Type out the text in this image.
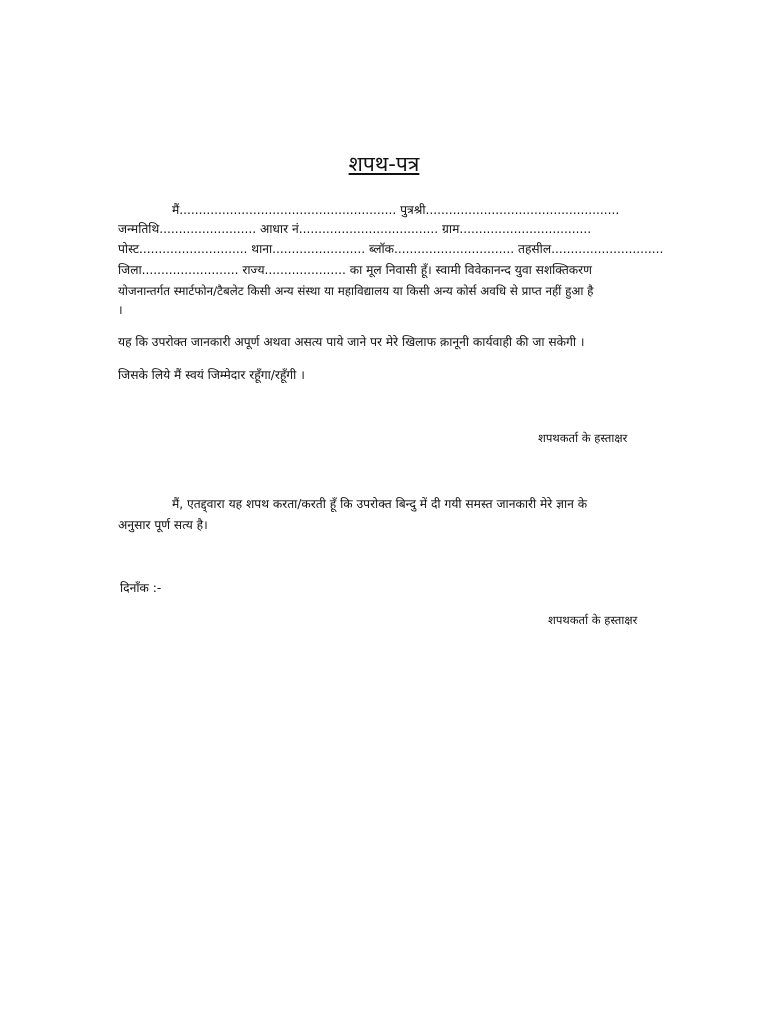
शपथ-पत्र
मैं........................................................ पुत्रश्री..................................................
जन्मतिथि......................... आधार नं.................................... ग्राम..................................
पोस्ट............................ थाना........................ ब्लॉक............................... तहसील.............................
जिला......................... राज्य..................... का मूल निवासी हूँ। स्वामी विवेकानन्द युवा सशक्तिकरण
योजनान्तर्गत स्मार्टफोन/टैबलेट किसी अन्य संस्था या महाविद्यालय या किसी अन्य कोर्स अवधि से प्राप्त नहीं हुआ है
।
यह कि उपरोक्त जानकारी अपूर्ण अथवा असत्य पाये जाने पर मेरे खिलाफ क़ानूनी कार्यवाही की जा सकेगी ।
जिसके लिये मैं स्वयं जिम्मेदार रहूँगा/रहूँगी ।
शपथकर्ता के हस्ताक्षर
मैं, एतद्द्वारा यह शपथ करता/करती हूँ कि उपरोक्त बिन्दु में दी गयी समस्त जानकारी मेरे ज्ञान के
अनुसार पूर्ण सत्य है।
दिनाँक :-
शपथकर्ता के हस्ताक्षर
